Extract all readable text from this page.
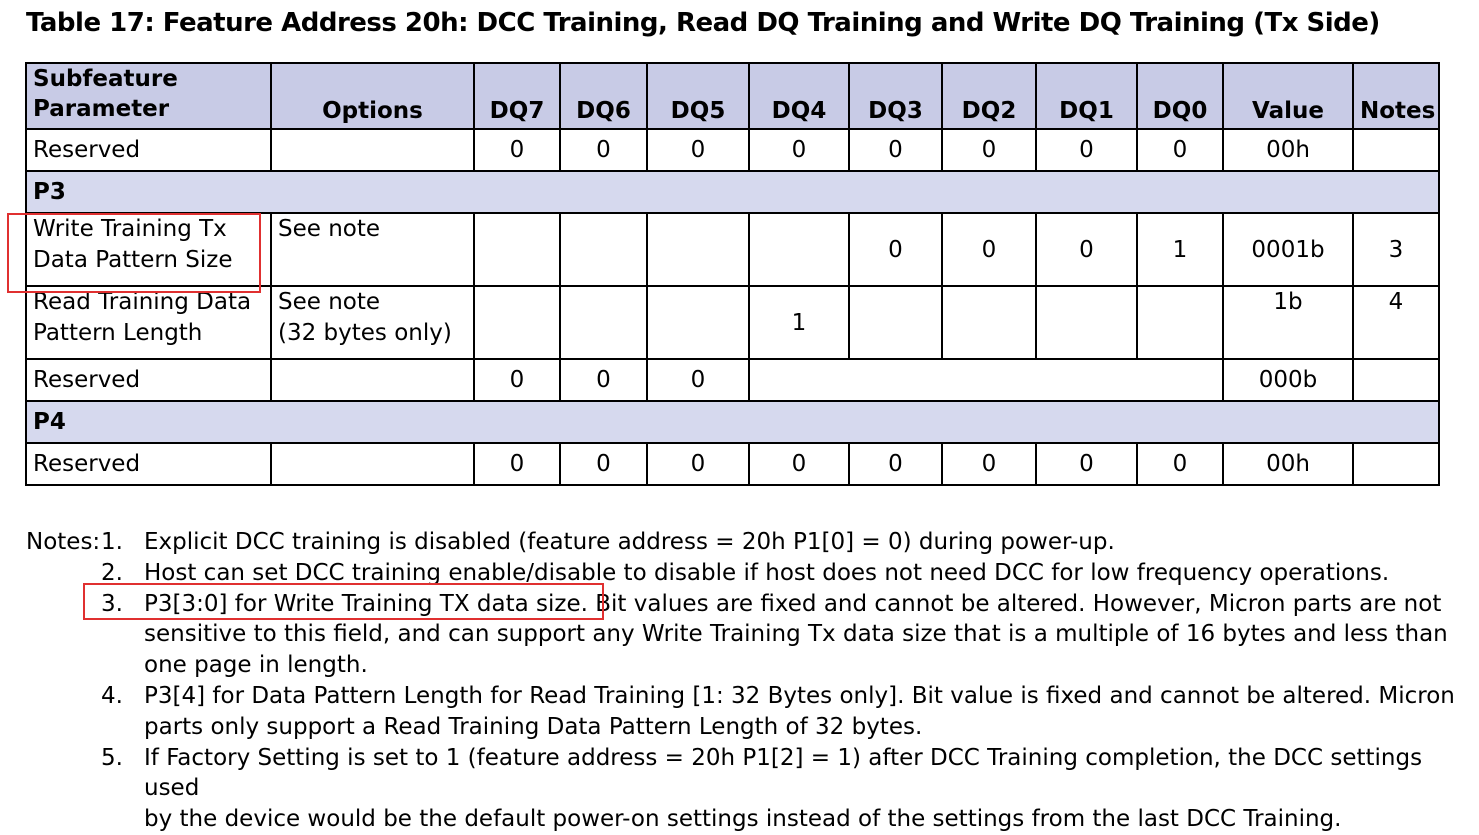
Table 17: Feature Address 20h: DCC Training, Read DQ Training and Write DQ Training (Tx Side)
Subfeature
Parameter	Options	DQ7	DQ6	DQ5	DQ4	DQ3	DQ2	DQ1	DQ0	Value	Notes
Reserved		0	0	0	0	0	0	0	0	00h	
P3											
Write Training Tx
Data Pattern Size	See note					0	0	0	1	0001b	3
Read Training Data
Pattern Length	See note
(32 bytes only)				1					1b	4
Reserved		0	0	0						000b	
P4											
Reserved		0	0	0	0	0	0	0	0	00h	
Notes: 1. Explicit DCC training is disabled (feature address = 20h P1[0] = 0) during power-up.
2. Host can set DCC training enable/disable to disable if host does not need DCC for low frequency operations.
3. P3[3:0] for Write Training TX data size. Bit values are fixed and cannot be altered. However, Micron parts are not
sensitive to this field, and can support any Write Training Tx data size that is a multiple of 16 bytes and less than
one page in length.
4. P3[4] for Data Pattern Length for Read Training [1: 32 Bytes only]. Bit value is fixed and cannot be altered. Micron
parts only support a Read Training Data Pattern Length of 32 bytes.
5. If Factory Setting is set to 1 (feature address = 20h P1[2] = 1) after DCC Training completion, the DCC settings used
by the device would be the default power-on settings instead of the settings from the last DCC Training.
